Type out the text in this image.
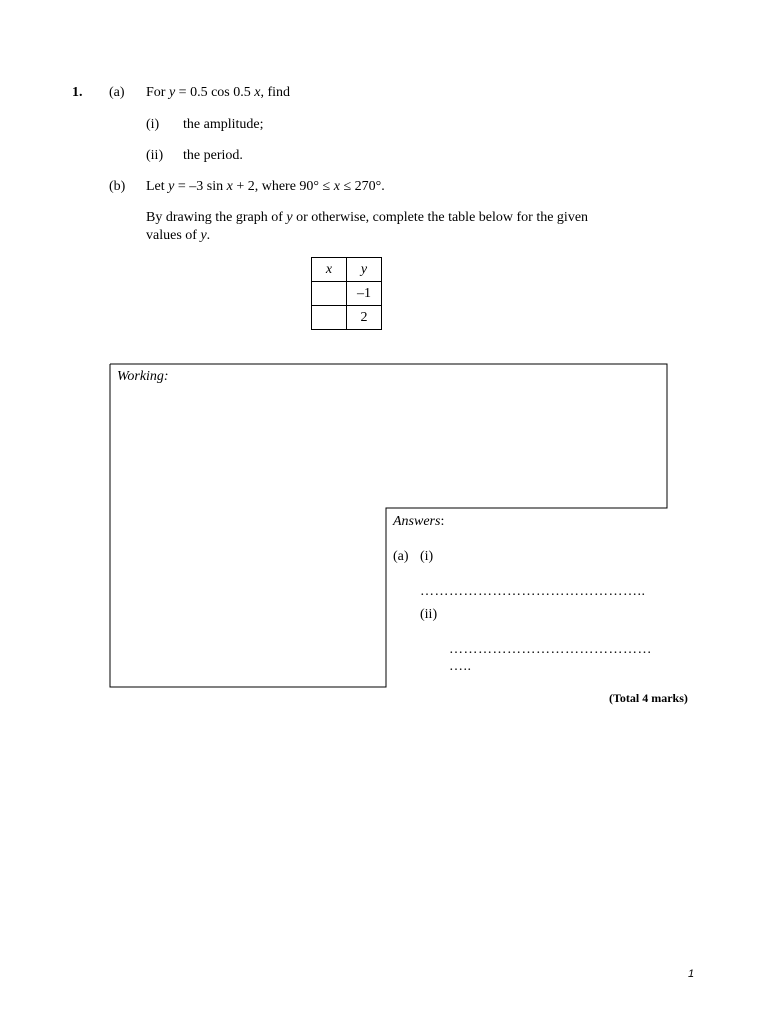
1. (a) For y = 0.5 cos 0.5 x, find
(i) the amplitude;
(ii) the period.
(b) Let y = –3 sin x + 2, where 90° ≤ x ≤ 270°.
By drawing the graph of y or otherwise, complete the table below for the given
values of y.
x	y
	–1
	2
Working:
Answers:
(a) (i)
………………………………………..
(ii)
……………………………………
…..
(Total 4 marks)
1
